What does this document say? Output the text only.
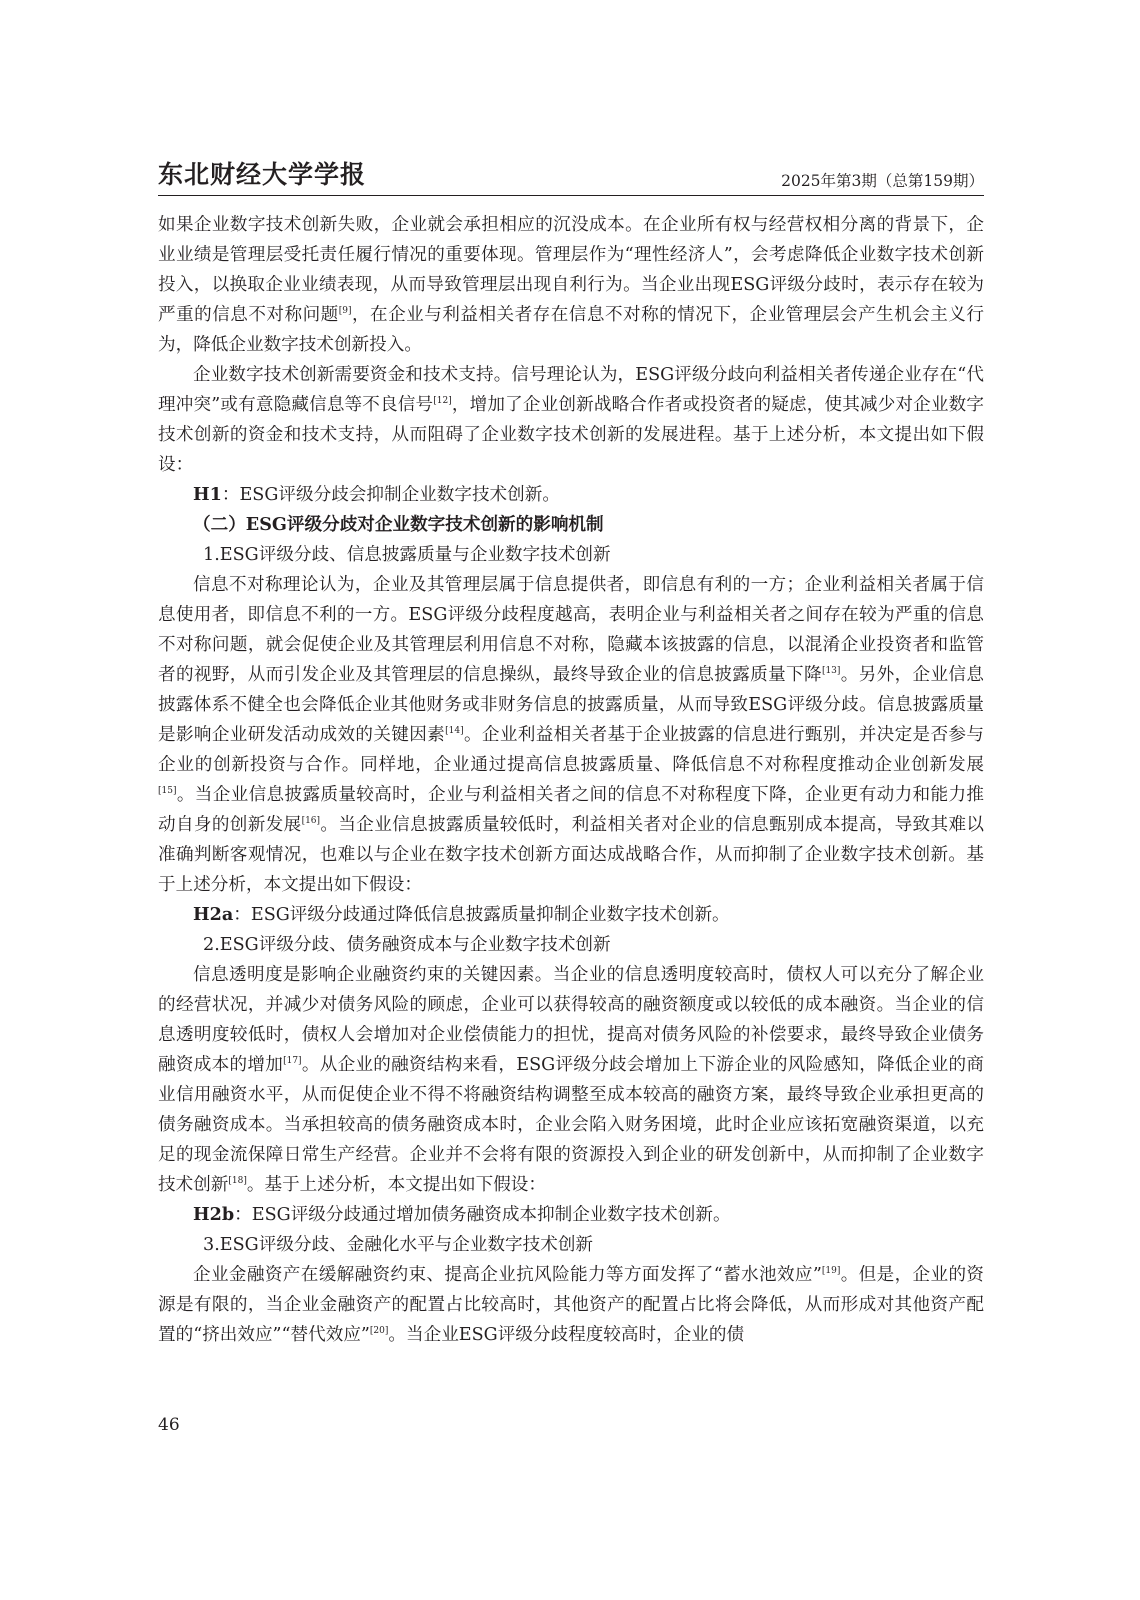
东北财经大学学报	2025年第3期（总第159期）

如果企业数字技术创新失败，企业就会承担相应的沉没成本。在企业所有权与经营权相分离的背景下，企业业绩是管理层受托责任履行情况的重要体现。管理层作为“理性经济人”，会考虑降低企业数字技术创新投入，以换取企业业绩表现，从而导致管理层出现自利行为。当企业出现ESG评级分歧时，表示存在较为严重的信息不对称问题[9]，在企业与利益相关者存在信息不对称的情况下，企业管理层会产生机会主义行为，降低企业数字技术创新投入。

企业数字技术创新需要资金和技术支持。信号理论认为，ESG评级分歧向利益相关者传递企业存在“代理冲突”或有意隐藏信息等不良信号[12]，增加了企业创新战略合作者或投资者的疑虑，使其减少对企业数字技术创新的资金和技术支持，从而阻碍了企业数字技术创新的发展进程。基于上述分析，本文提出如下假设：

H1：ESG评级分歧会抑制企业数字技术创新。

（二）ESG评级分歧对企业数字技术创新的影响机制

1.ESG评级分歧、信息披露质量与企业数字技术创新

信息不对称理论认为，企业及其管理层属于信息提供者，即信息有利的一方；企业利益相关者属于信息使用者，即信息不利的一方。ESG评级分歧程度越高，表明企业与利益相关者之间存在较为严重的信息不对称问题，就会促使企业及其管理层利用信息不对称，隐藏本该披露的信息，以混淆企业投资者和监管者的视野，从而引发企业及其管理层的信息操纵，最终导致企业的信息披露质量下降[13]。另外，企业信息披露体系不健全也会降低企业其他财务或非财务信息的披露质量，从而导致ESG评级分歧。信息披露质量是影响企业研发活动成效的关键因素[14]。企业利益相关者基于企业披露的信息进行甄别，并决定是否参与企业的创新投资与合作。同样地，企业通过提高信息披露质量、降低信息不对称程度推动企业创新发展[15]。当企业信息披露质量较高时，企业与利益相关者之间的信息不对称程度下降，企业更有动力和能力推动自身的创新发展[16]。当企业信息披露质量较低时，利益相关者对企业的信息甄别成本提高，导致其难以准确判断客观情况，也难以与企业在数字技术创新方面达成战略合作，从而抑制了企业数字技术创新。基于上述分析，本文提出如下假设：

H2a：ESG评级分歧通过降低信息披露质量抑制企业数字技术创新。

2.ESG评级分歧、债务融资成本与企业数字技术创新

信息透明度是影响企业融资约束的关键因素。当企业的信息透明度较高时，债权人可以充分了解企业的经营状况，并减少对债务风险的顾虑，企业可以获得较高的融资额度或以较低的成本融资。当企业的信息透明度较低时，债权人会增加对企业偿债能力的担忧，提高对债务风险的补偿要求，最终导致企业债务融资成本的增加[17]。从企业的融资结构来看，ESG评级分歧会增加上下游企业的风险感知，降低企业的商业信用融资水平，从而促使企业不得不将融资结构调整至成本较高的融资方案，最终导致企业承担更高的债务融资成本。当承担较高的债务融资成本时，企业会陷入财务困境，此时企业应该拓宽融资渠道，以充足的现金流保障日常生产经营。企业并不会将有限的资源投入到企业的研发创新中，从而抑制了企业数字技术创新[18]。基于上述分析，本文提出如下假设：

H2b：ESG评级分歧通过增加债务融资成本抑制企业数字技术创新。

3.ESG评级分歧、金融化水平与企业数字技术创新

企业金融资产在缓解融资约束、提高企业抗风险能力等方面发挥了“蓄水池效应”[19]。但是，企业的资源是有限的，当企业金融资产的配置占比较高时，其他资产的配置占比将会降低，从而形成对其他资产配置的“挤出效应”“替代效应”[20]。当企业ESG评级分歧程度较高时，企业的债

46
